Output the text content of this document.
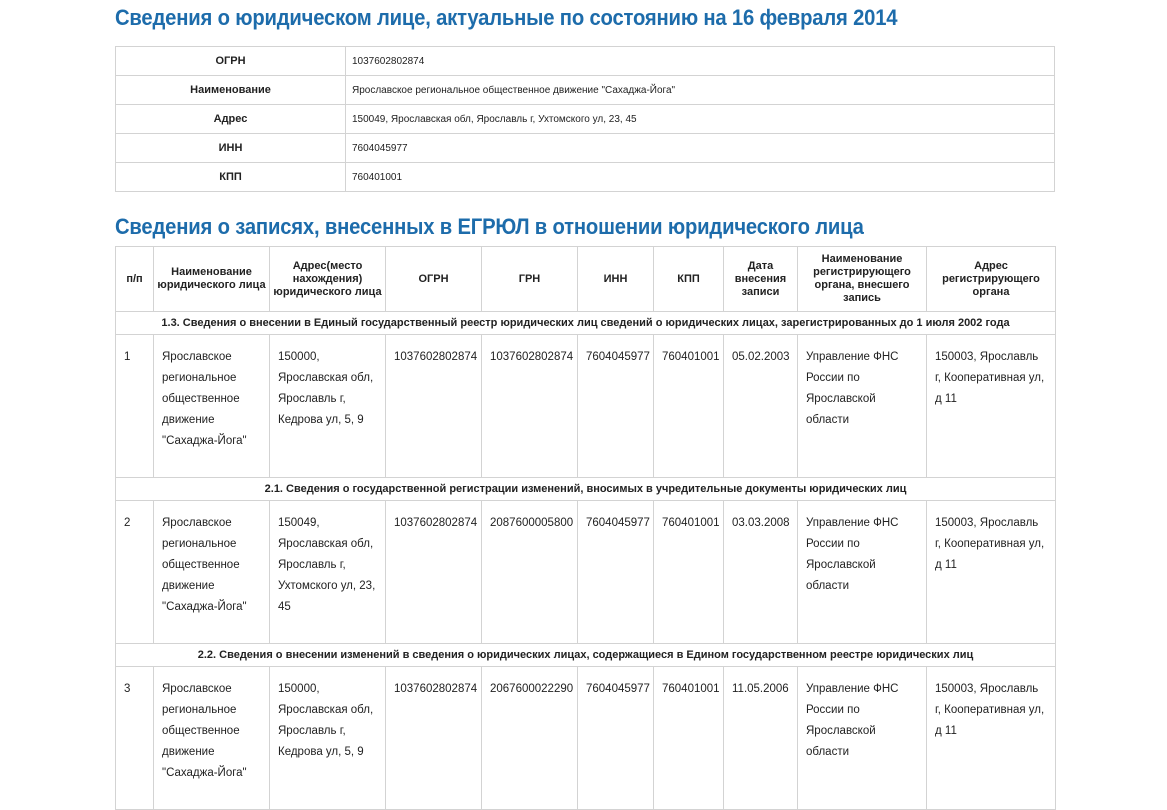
Сведения о юридическом лице, актуальные по состоянию на 16 февраля 2014
ОГРН	1037602802874
Наименование	Ярославское региональное общественное движение "Сахаджа-Йога"
Адрес	150049, Ярославская обл, Ярославль г, Ухтомского ул, 23, 45
ИНН	7604045977
КПП	760401001
Сведения о записях, внесенных в ЕГРЮЛ в отношении юридического лица
п/п	Наименование юридического лица	Адрес(место нахождения) юридического лица	ОГРН	ГРН	ИНН	КПП	Дата внесения записи	Наименование регистрирующего органа, внесшего запись	Адрес регистрирующего органа
1.3. Сведения о внесении в Единый государственный реестр юридических лиц сведений о юридических лицах, зарегистрированных до 1 июля 2002 года									
1	Ярославское региональное общественное движение "Сахаджа-Йога"	150000, Ярославская обл, Ярославль г, Кедрова ул, 5, 9	1037602802874	1037602802874	7604045977	760401001	05.02.2003	Управление ФНС России по Ярославской области	150003, Ярославль г, Кооперативная ул, д 11
2.1. Сведения о государственной регистрации изменений, вносимых в учредительные документы юридических лиц									
2	Ярославское региональное общественное движение "Сахаджа-Йога"	150049, Ярославская обл, Ярославль г, Ухтомского ул, 23, 45	1037602802874	2087600005800	7604045977	760401001	03.03.2008	Управление ФНС России по Ярославской области	150003, Ярославль г, Кооперативная ул, д 11
2.2. Сведения о внесении изменений в сведения о юридических лицах, содержащиеся в Едином государственном реестре юридических лиц									
3	Ярославское региональное общественное движение "Сахаджа-Йога"	150000, Ярославская обл, Ярославль г, Кедрова ул, 5, 9	1037602802874	2067600022290	7604045977	760401001	11.05.2006	Управление ФНС России по Ярославской области	150003, Ярославль г, Кооперативная ул, д 11
